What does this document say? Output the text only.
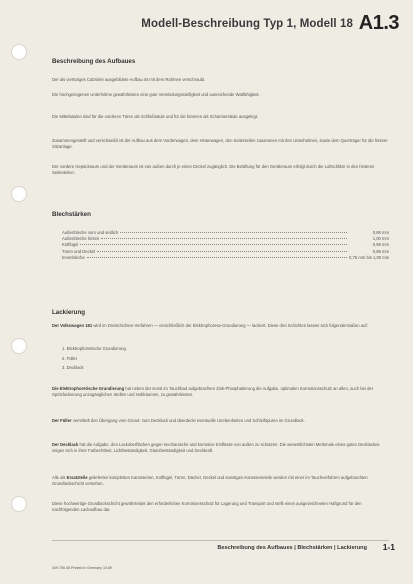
Modell-Beschreibung Typ 1, Modell 18 A1.3
Beschreibung des Aufbaues
Der als viertüriges Cabriolet ausgebildete Aufbau ist mit dem Rahmen verschraubt.
Die hochgezogenen Unterholme gewährleisten eine gute Verwindungssteifigkeit und ausreichende Watfähigkeit.
Die Mittelsäulen sind für die vorderen Türen als Schließsäule und für die hinteren als Scharniersäule ausgelegt.
Zusammengesteift und verschweißt ist der Aufbau aus dem Vorderwagen, dem Hinterwagen, den Seitenteilen zusammen mit den Unterholmen, sowie dem Querträger für die hintere Sitzanlage.
Der vordere Gepäckraum und der Geräteraum ist von außen durch je einen Deckel zugänglich. Die Belüftung für den Geräteraum erfolgt durch die Luftschlitze in den hinteren Seitenteilen.
Blechstärken
Außenbleche vorn und seitlich	0,88 mm
Außenbleche hinten	1,00 mm
Kotflügel	0,88 mm
Türen und Deckel	0,88 mm
Innenbleche	0,75 mm bis 1,00 mm
Lackierung
Der Volkswagen 181 wird im Dreischichten-Verfahren — einschließlich der Elektrophorese-Grundierung — lackiert. Diese drei Schichten lassen sich folgendermaßen auf:
1. Elektrophoretische Grundierung
2. Füller
3. Decklack
Die Elektrophoretische Grundierung hat neben der sonst im Tauchbad aufgebrachten Zink-Phosphatierung die Aufgabe, optimalen Korrosionsschutz an allen, auch bei der Spritzlackierung unzugänglichen Stellen und Hohlräumen, zu gewährleisten.
Der Füller vermittelt den Übergang vom Grund- zum Decklack und überdeckt eventuelle Unebenheiten und Schleifspuren im Grundlack.
Der Decklack hat die Aufgabe, den Lackoberflächen gegen mechanische und korrosive Einflüsse von außen zu schützen. Die wesentlichsten Merkmale eines guten Decklackes zeigen sich in ihrer Farbechtheit, Lichtbeständigkeit, Glanzbeständigkeit und Deckkraft.
Alle als Ersatzteile gelieferten kompletten Karosserien, Kotflügel, Türen, Dächer, Deckel und sonstigen Karosserieteile werden mit einer im Tauchverfahren aufgebrachten Grundlackschicht versehen.
Diese hochwertige Grundlackschicht gewährleistet den erforderlichen Korrosionsschutz für Lagerung und Transport und stellt einen ausgezeichneten Haftgrund für den nachfolgenden Lackaufbau dar.
Beschreibung des Aufbaues | Blechstärken | Lackierung 1-1
349.706.06 Printed in Germany 10.69
